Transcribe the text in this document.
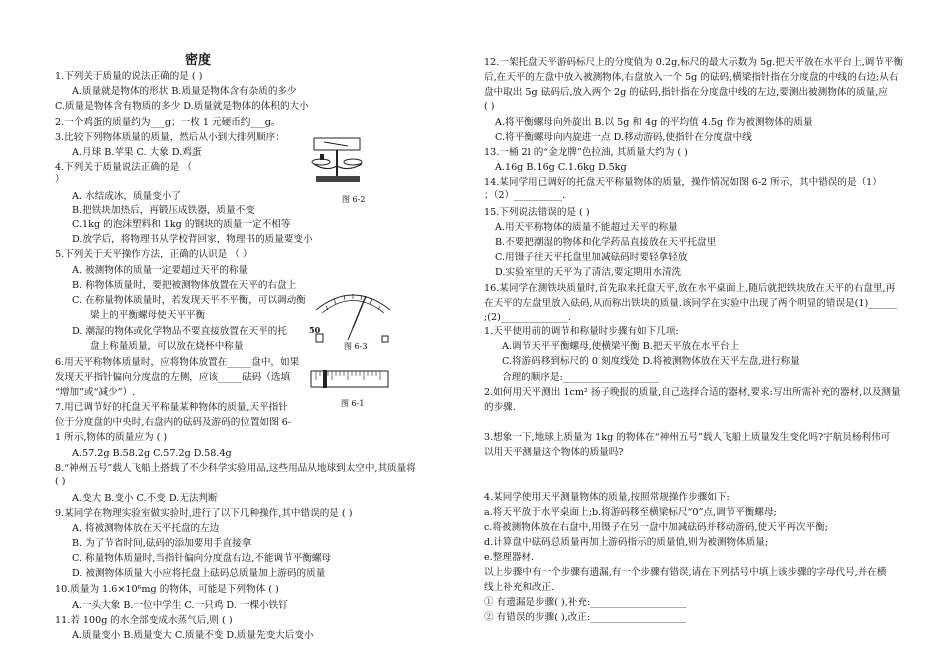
密度
1.下列关于质量的说法正确的是 ( )
A.质量就是物体的形状 B.质量是物体含有杂质的多少
C.质量是物体含有物质的多少 D.质量就是物体的体积的大小
2.一个鸡蛋的质量约为___g；一枚 1 元硬币约___g。
3.比较下列物体质量的质量，然后从小到大排列顺序：
A.月球 B.苹果 C. 大象 D.鸡蛋
4.下列关于质量说法正确的是 （
）
A. 水结成冰，质量变小了
B.把铁块加热后，再锻压成铁器，质量不变
C.1kg 的泡沫塑料和 1kg 的钢块的质量一定不相等
D.放学后，将物理书从学校背回家，物理书的质量要变小
5.下列关于天平操作方法，正确的认识是 （ ）
A. 被测物体的质量一定要超过天平的称量
B. 称物体质量时，要把被测物体放置在天平的右盘上
C. 在称量物体质量时，若发现天平不平衡，可以调动衡
梁上的平衡螺母使天平平衡
D. 潮湿的物体或化学物品不要直接放置在天平的托
盘上称量质量，可以放在烧杯中称量
6.用天平称物体质量时，应将物体放置在_____盘中，如果
发现天平指针偏向分度盘的左侧，应该_____砝码（选填
“增加”或“减少”）.
7.用已调节好的托盘天平称量某种物体的质量,天平指针
位于分度盘的中央时,右盘内的砝码及游码的位置如图 6-
1 所示,物体的质量应为 ( )
A.57.2g B.58.2g C.57.2g D.58.4g
8.“神州五号”载人飞船上搭载了不少科学实验用品,这些用品从地球到太空中,其质量将
( )
A.变大 B.变小 C.不变 D.无法判断
9.某同学在物理实验室做实验时,进行了以下几种操作,其中错误的是 ( )
A. 将被测物体放在天平托盘的左边
B. 为了节省时间,砝码的添加要用手直接拿
C. 称量物体质量时,当指针偏向分度盘右边,不能调节平衡螺母
D. 被测物体质量大小应将托盘上砝码总质量加上游码的质量
10.质量为 1.6×10⁶mg 的物体，可能是下列物体 ( )
A.一头大象 B.一位中学生 C.一只鸡 D. 一棵小铁钉
11.若 100g 的水全部变成水蒸气后,则 ( )
A.质量变小 B.质量变大 C.质量不变 D.质量先变大后变小
图 6-2
50
图 6-3
图 6-1
12.一架托盘天平游码标尺上的分度值为 0.2g,标尺的最大示数为 5g.把天平放在水平台上,调节平衡
后,在天平的左盘中放入被测物体,右盘放入一个 5g 的砝码,横梁指针指在分度盘的中线的右边;从右
盘中取出 5g 砝码后,放入两个 2g 的砝码,指针指在分度盘中线的左边,要测出被测物体的质量,应
( )
A.将平衡螺母向外旋出 B.以 5g 和 4g 的平均值 4.5g 作为被测物体的质量
C.将平衡螺母向内旋进一点 D.移动游码,使指针在分度盘中线
13.一桶 2l 的“金龙牌”色拉油, 其质量大约为 ( )
A.16g B.16g C.1.6kg D.5kg
14.某同学用已调好的托盘天平称量物体的质量，操作情况如图 6-2 所示，其中错误的是（1）
；（2）__________.
15.下列说法错误的是 ( )
A.用天平称物体的质量不能超过天平的称量
B.不要把潮湿的物体和化学药品直接放在天平托盘里
C.用镊子往天平托盘里加减砝码时要轻拿轻放
D.实验室里的天平为了清洁,要定期用水清洗
16.某同学在测铁块质量时,首先取来托盘天平,放在水平桌面上,随后就把铁块放在天平的右盘里,再
在天平的左盘里放入砝码,从而称出铁块的质量.该同学在实验中出现了两个明显的错误是(1)______
;(2)______________.
1.天平使用前的调节和称量时步骤有如下几项:
A.调节天平平衡螺母,使横梁平衡 B.把天平放在水平台上
C.将游码移到标尺的 0 刻度线处 D.将被测物体放在天平左盘,进行称量
合理的顺序是:____________________
2.如何用天平测出 1cm² 扬子晚报的质量,自己选择合适的器材,要求:写出所需补充的器材,以及测量
的步骤.
3.想象一下,地球上质量为 1kg 的物体在“神州五号”载人飞船上质量发生变化吗?宇航员杨利伟可
以用天平测量这个物体的质量吗?
4.某同学使用天平测量物体的质量,按照常规操作步骤如下:
a.将天平放于水平桌面上;b.将游码移至横梁标尺“0”点,调节平衡螺母;
c.将被测物体放在右盘中,用镊子在另一盘中加减砝码并移动游码,使天平再次平衡;
d.计算盘中砝码总质量再加上游码指示的质量值,则为被测物体质量;
e.整理器材.
以上步骤中有一个步骤有遗漏,有一个步骤有错误,请在下列括号中填上该步骤的字母代号,并在横
线上补充和改正.
① 有遗漏是步骤( ),补充:____________________
② 有错误的步骤( ),改正:____________________
